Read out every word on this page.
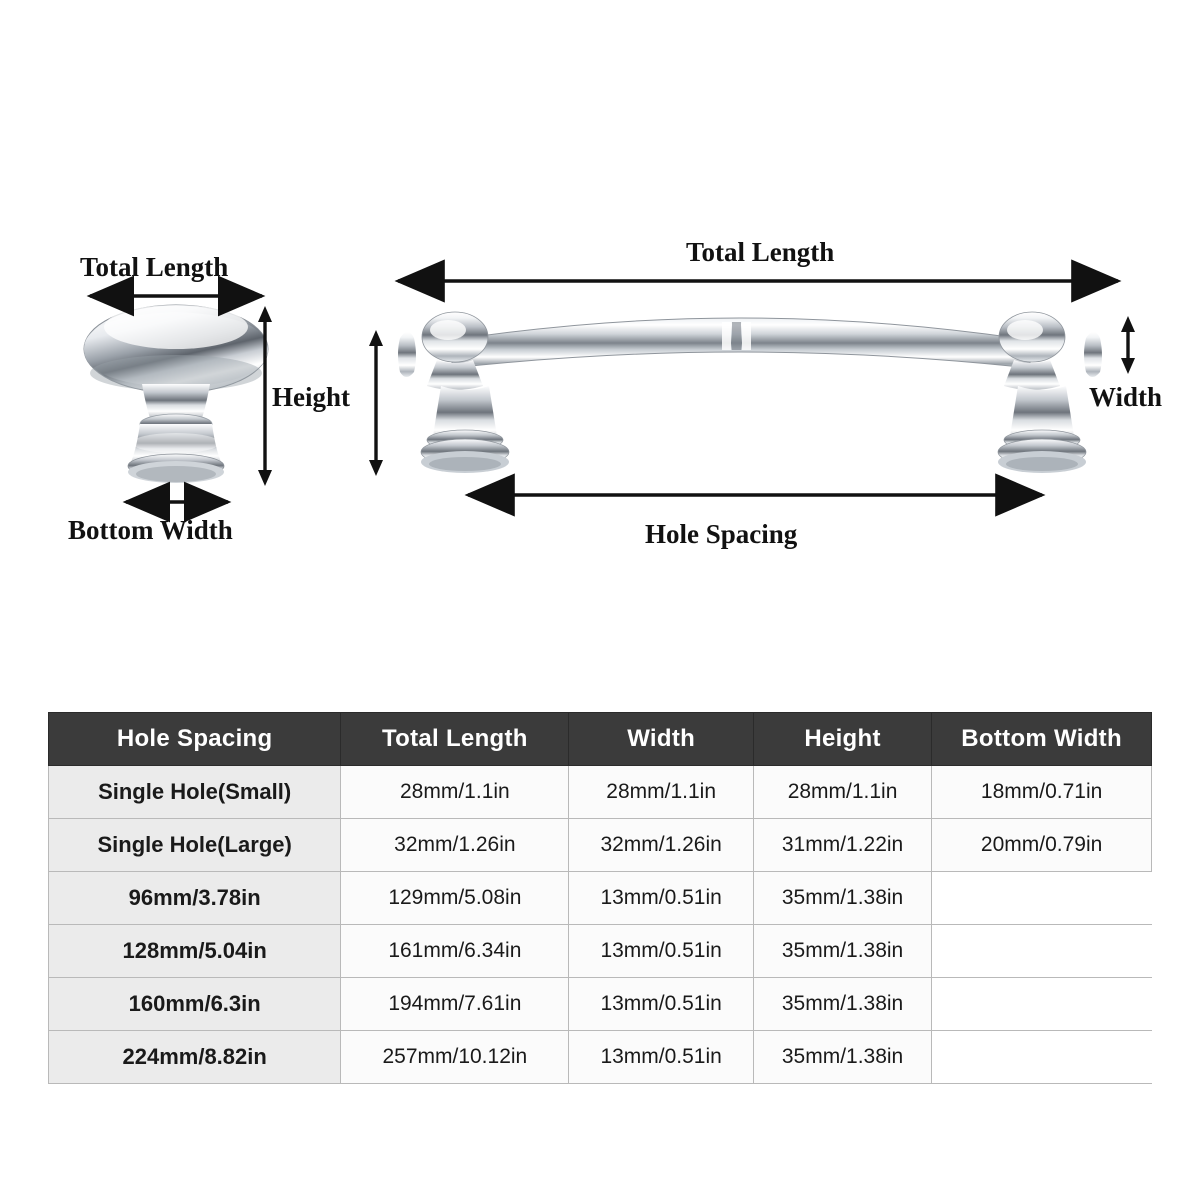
Total Length
Height
Bottom Width
Total Length
Width
Hole Spacing
Hole Spacing	Total Length	Width	Height	Bottom Width
Single Hole(Small)	28mm/1.1in	28mm/1.1in	28mm/1.1in	18mm/0.71in
Single Hole(Large)	32mm/1.26in	32mm/1.26in	31mm/1.22in	20mm/0.79in
96mm/3.78in	129mm/5.08in	13mm/0.51in	35mm/1.38in	
128mm/5.04in	161mm/6.34in	13mm/0.51in	35mm/1.38in	
160mm/6.3in	194mm/7.61in	13mm/0.51in	35mm/1.38in	
224mm/8.82in	257mm/10.12in	13mm/0.51in	35mm/1.38in	
